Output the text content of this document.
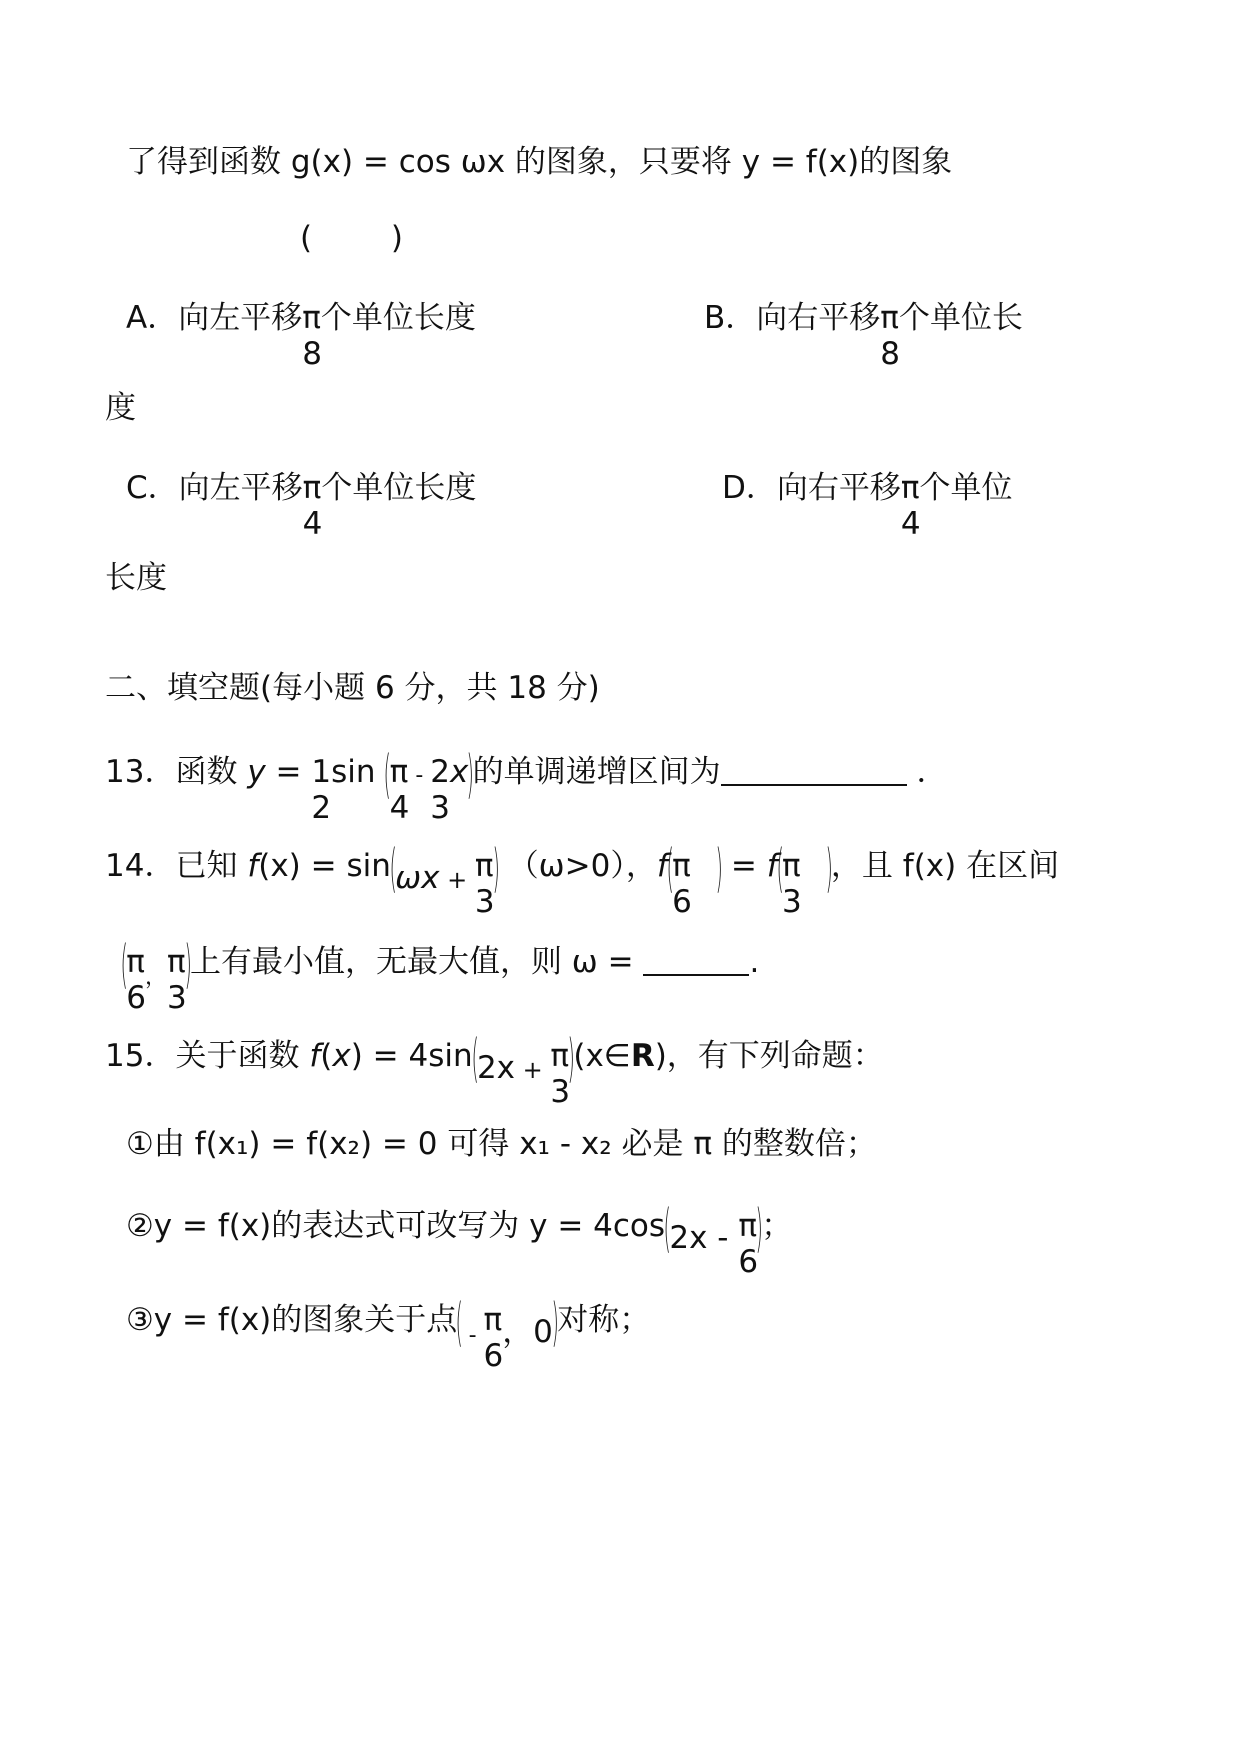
了得到函数 g(x) = cos ωx 的图象，只要将 y = f(x)的图象
(        )
A．向左平移 π
8
个单位长度	B．向右平移 π
8
个单位长
度
C．向左平移 π
4
个单位长度	D．向右平移 π
4
个单位
长度
二、填空题(每小题 6 分，共 18 分)
13．函数 y = 1
2
sin (
π
4
- 2
3
x)的单调递增区间为	．
14．已知 f(x) = sin(ωx $_+$ π
3
) （ω>0），f(
π
6
) = f(
π
3
)，且 f(x) 在区间
(
π
6
$_,$ π
3
)上有最小值，无最大值，则 ω =	.
15．关于函数 f(x) = 4sin(2x $_+$ π
3
)(x∈R)，有下列命题：
①由 f(x₁) = f(x₂) = 0 可得 x₁ - x₂ 必是 π 的整数倍；
②y = f(x)的表达式可改写为 y = 4cos(2x - π
6
)；
③y = f(x)的图象关于点( $_-$ π
6
，0)对称；
